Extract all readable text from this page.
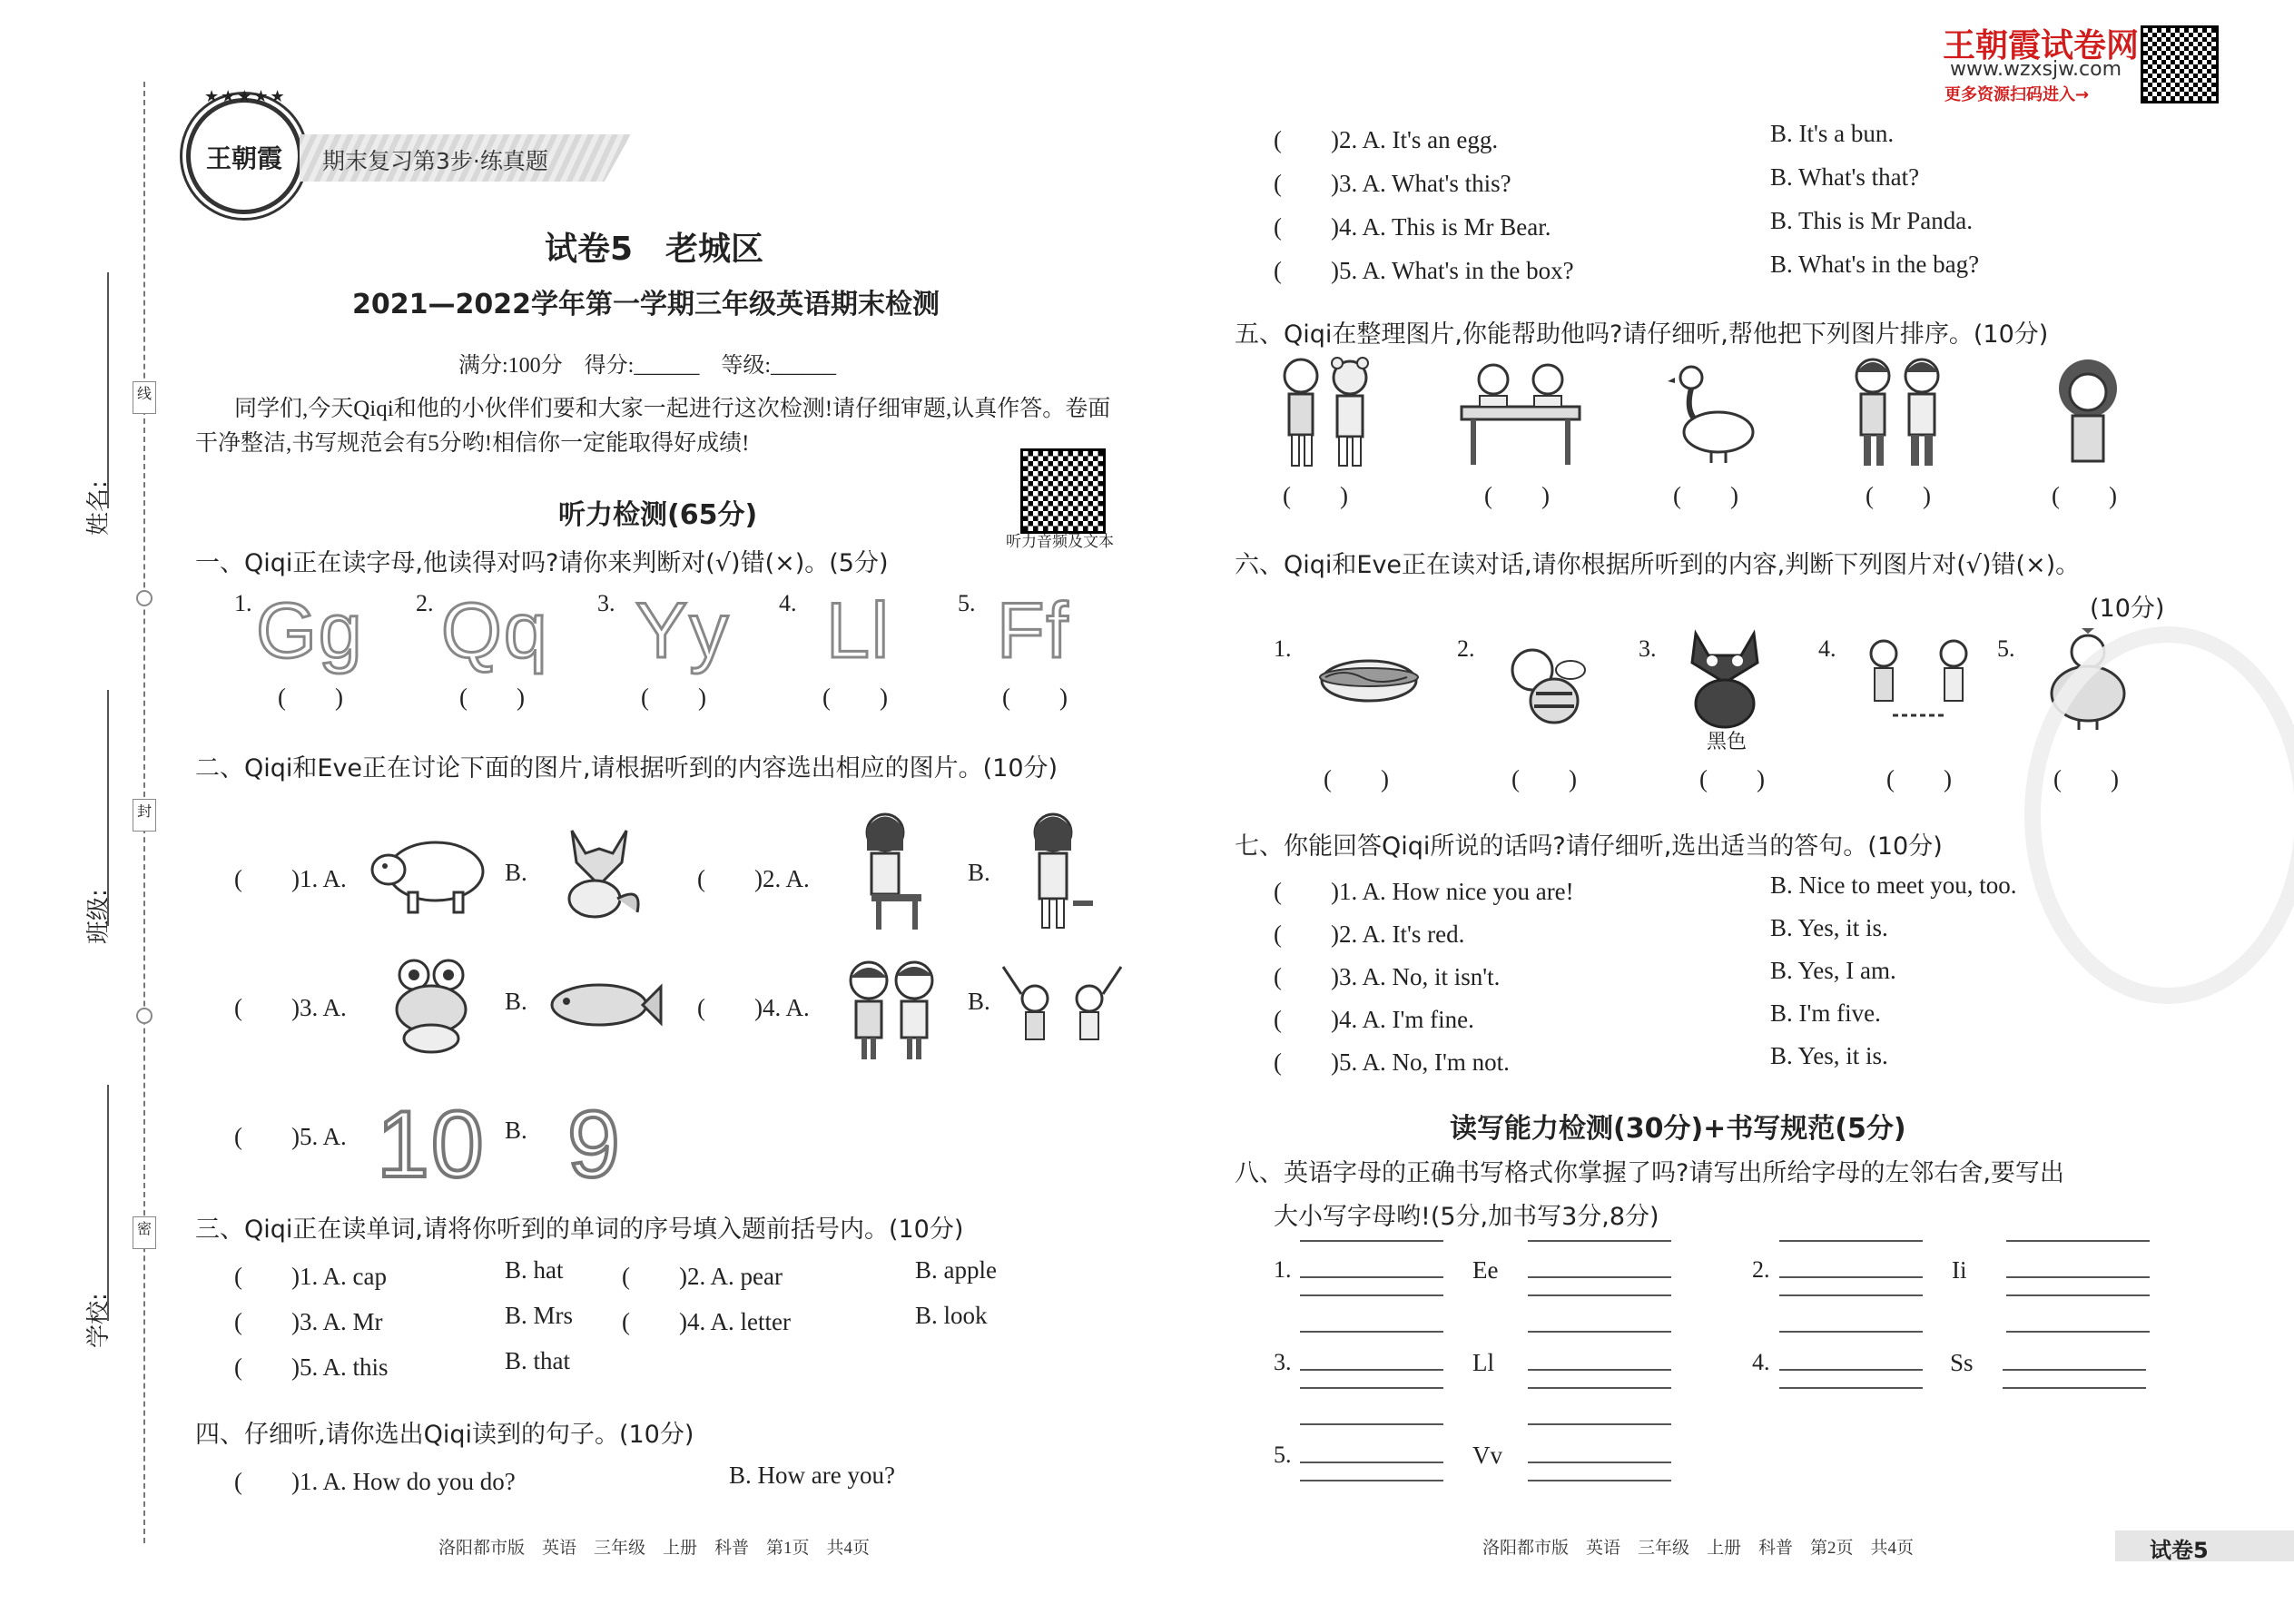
线
封
密
姓名:
班级:
学校:
王朝霞
★★★★★
期末复习第3步·练真题
试卷5　老城区
2021—2022学年第一学期三年级英语期末检测
满分:100分　得分:______　等级:______
同学们,今天Qiqi和他的小伙伴们要和大家一起进行这次检测!请仔细审题,认真作答。卷面
干净整洁,书写规范会有5分哟!相信你一定能取得好成绩!
听力音频及文本
听力检测(65分)
一、Qiqi正在读字母,他读得对吗?请你来判断对(√)错(×)。(5分)
1. Gg
(　　)
2. Qq
(　　)
3. Yy
(　　)
4. Ll
(　　)
5. Ff
(　　)
二、Qiqi和Eve正在讨论下面的图片,请根据听到的内容选出相应的图片。(10分)
(　　)1. A.	B.	(　　)2. A.	B.
(　　)3. A.	B.	(　　)4. A.	B.
(　　)5. A. 10 B. 9
三、Qiqi正在读单词,请将你听到的单词的序号填入题前括号内。(10分)
(　　)1. A. cap	B. hat (　　)2. A. pear	B. apple
(　　)3. A. Mr	B. Mrs (　　)4. A. letter	B. look
(　　)5. A. this	B. that
四、仔细听,请你选出Qiqi读到的句子。(10分)
(　　)1. A. How do you do?	B. How are you?
洛阳都市版　英语　三年级　上册　科普　第1页　共4页
王朝霞试卷网
www.wzxsjw.com
更多资源扫码进入→
(　　)2. A. It's an egg.	B. It's a bun.
(　　)3. A. What's this?	B. What's that?
(　　)4. A. This is Mr Bear.	B. This is Mr Panda.
(　　)5. A. What's in the box?	B. What's in the bag?
五、Qiqi在整理图片,你能帮助他吗?请仔细听,帮他把下列图片排序。(10分)
(　　)	(　　)	(　　)	(　　)	(　　)
六、Qiqi和Eve正在读对话,请你根据所听到的内容,判断下列图片对(√)错(×)。
(10分)
1.	2.	3.
黑色
4.	5.
(　　)	(　　)	(　　)	(　　)	(　　)
七、你能回答Qiqi所说的话吗?请仔细听,选出适当的答句。(10分)
(　　)1. A. How nice you are!	B. Nice to meet you, too.
(　　)2. A. It's red.	B. Yes, it is.
(　　)3. A. No, it isn't.	B. Yes, I am.
(　　)4. A. I'm fine.	B. I'm five.
(　　)5. A. No, I'm not.	B. Yes, it is.
读写能力检测(30分)+书写规范(5分)
八、英语字母的正确书写格式你掌握了吗?请写出所给字母的左邻右舍,要写出
大小写字母哟!(5分,加书写3分,8分)
1.	Ee	2.	Ii
3.	Ll	4.	Ss
5.	Vv
洛阳都市版　英语　三年级　上册　科普　第2页　共4页	试卷5
